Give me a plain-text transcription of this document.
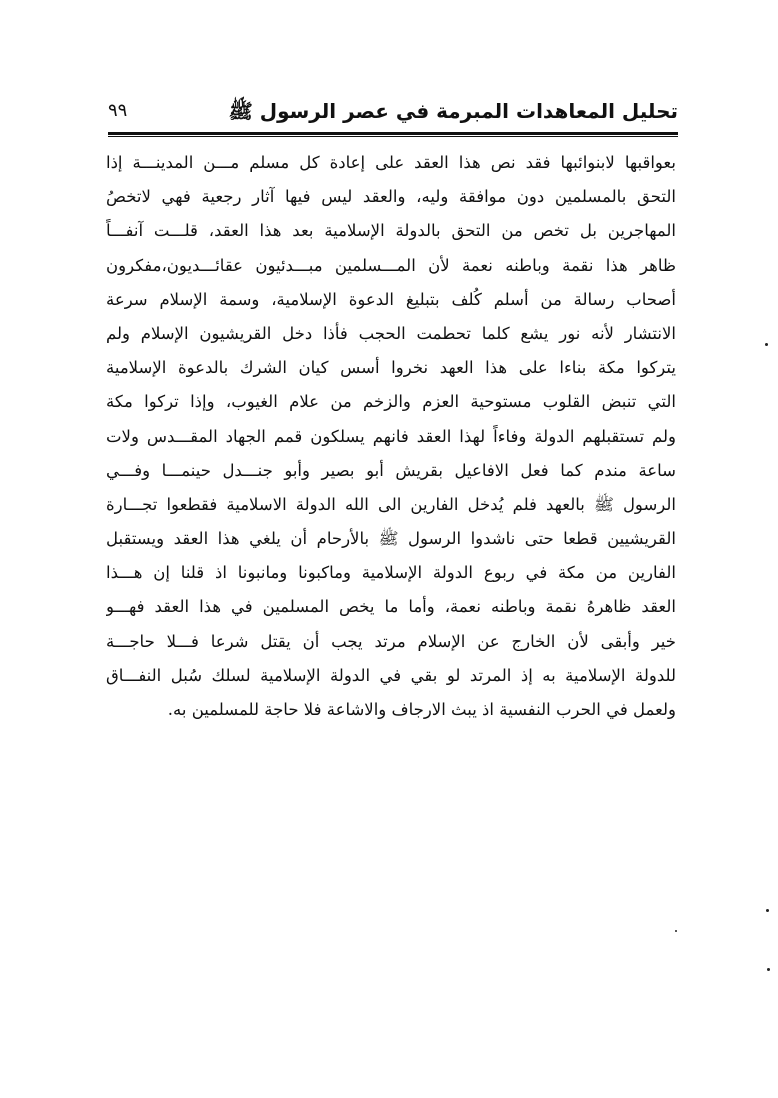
تحليل المعاهدات المبرمة في عصر الرسول ﷺ
٩٩
بعواقبها لابنوائبها فقد نص هذا العقد على إعادة كل مسلم مـــن المدينـــة إذا
التحق بالمسلمين دون موافقة وليه، والعقد ليس فيها آثار رجعية فهي لاتخصُ
المهاجرين بل تخص من التحق بالدولة الإسلامية بعد هذا العقد، قلـــت آنفـــاً
ظاهر هذا نقمة وباطنه نعمة لأن المـــسلمين مبـــدئيون عقائـــديون،مفكرون
أصحاب رسالة من أسلم كُلف بتبليغ الدعوة الإسلامية، وسمة الإسلام سرعة
الانتشار لأنه نور يشع كلما تحطمت الحجب فأذا دخل القريشيون الإسلام ولم
يتركوا مكة بناءا على هذا العهد نخروا أسس كيان الشرك بالدعوة الإسلامية
التي تنبض القلوب مستوحية العزم والزخم من علام الغيوب، وإذا تركوا مكة
ولم تستقبلهم الدولة وفاءاً لهذا العقد فانهم يسلكون قمم الجهاد المقـــدس ولات
ساعة مندم كما فعل الافاعيل بقريش أبو بصير وأبو جنـــدل حينمـــا وفـــي
الرسول ﷺ بالعهد فلم يُدخل الفارين الى الله الدولة الاسلامية فقطعوا تجـــارة
القريشيين قطعا حتى ناشدوا الرسول ﷺ بالأرحام أن يلغي هذا العقد ويستقبل
الفارين من مكة في ربوع الدولة الإسلامية وماكبونا ومانبونا اذ قلنا إن هـــذا
العقد ظاهرهُ نقمة وباطنه نعمة، وأما ما يخص المسلمين في هذا العقد فهـــو
خير وأبقى لأن الخارج عن الإسلام مرتد يجب أن يقتل شرعا فـــلا حاجـــة
للدولة الإسلامية به إذ المرتد لو بقي في الدولة الإسلامية لسلك سُبل النفـــاق
ولعمل في الحرب النفسية اذ يبث الارجاف والاشاعة فلا حاجة للمسلمين به.
